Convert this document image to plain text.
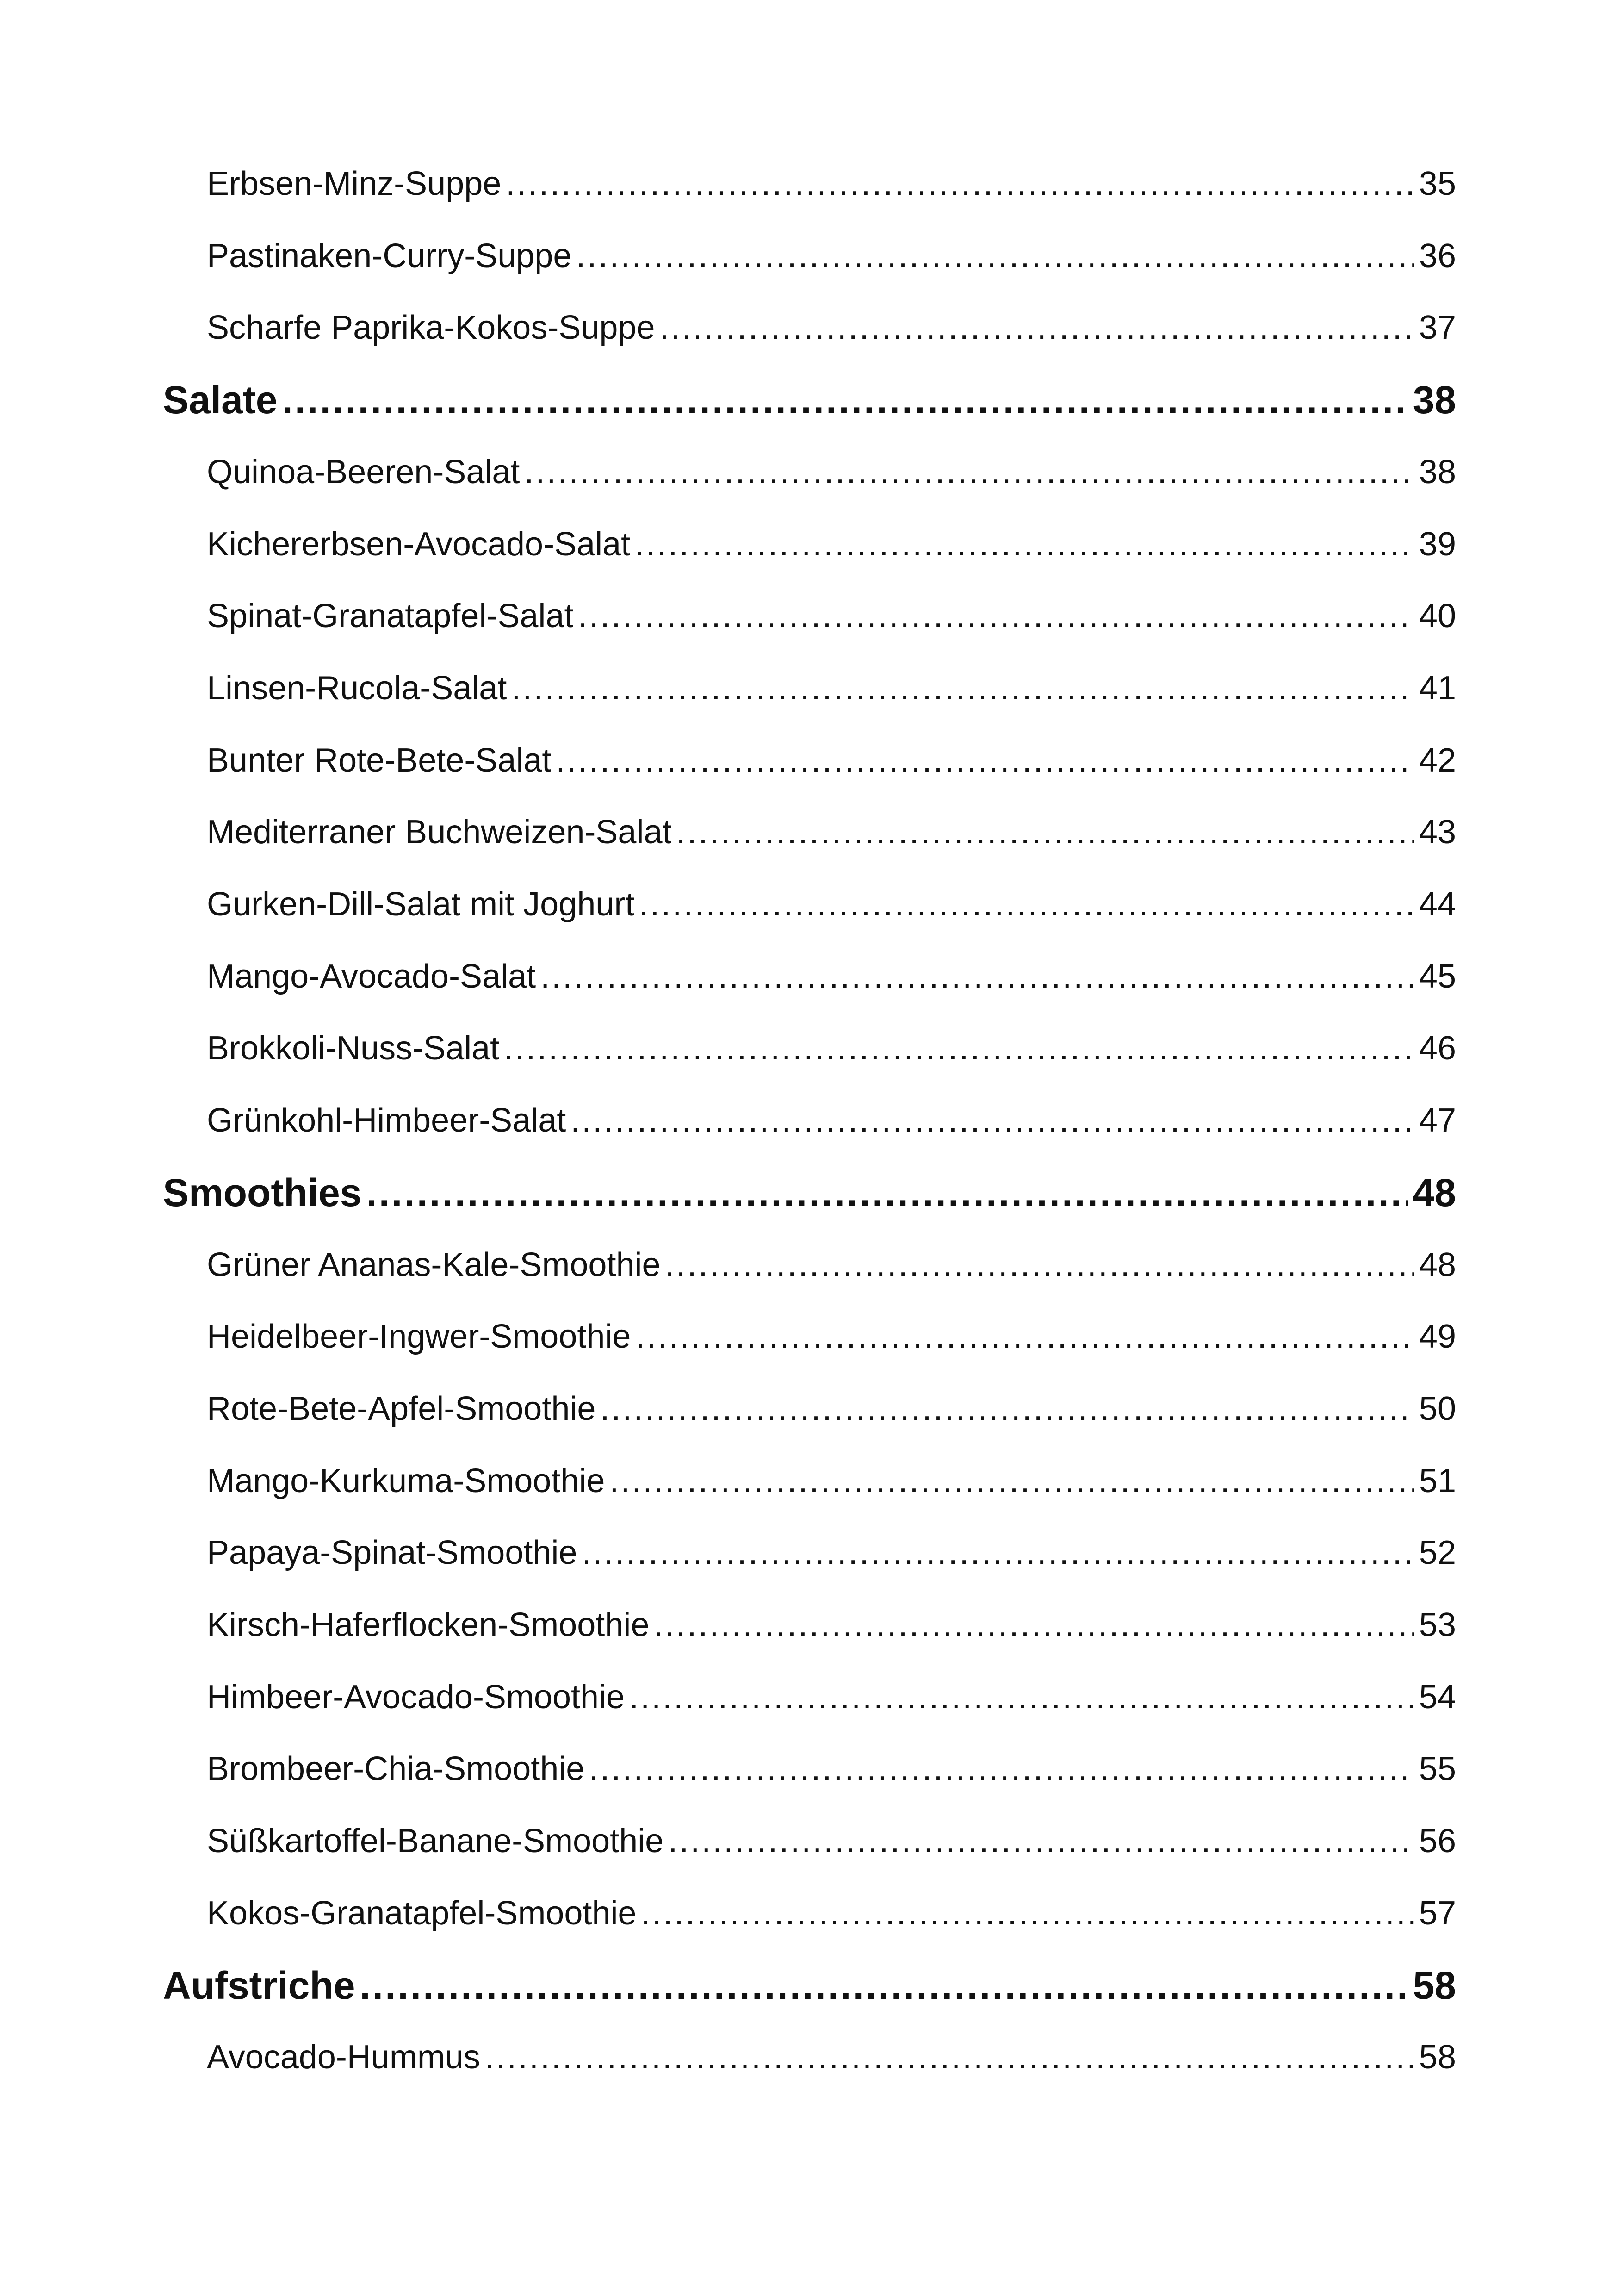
Erbsen-Minz-Suppe .....	35
Pastinaken-Curry-Suppe .....	36
Scharfe Paprika-Kokos-Suppe .....	37
Salate .....	38
Quinoa-Beeren-Salat .....	38
Kichererbsen-Avocado-Salat .....	39
Spinat-Granatapfel-Salat .....	40
Linsen-Rucola-Salat .....	41
Bunter Rote-Bete-Salat .....	42
Mediterraner Buchweizen-Salat .....	43
Gurken-Dill-Salat mit Joghurt .....	44
Mango-Avocado-Salat .....	45
Brokkoli-Nuss-Salat .....	46
Grünkohl-Himbeer-Salat .....	47
Smoothies .....	48
Grüner Ananas-Kale-Smoothie .....	48
Heidelbeer-Ingwer-Smoothie .....	49
Rote-Bete-Apfel-Smoothie .....	50
Mango-Kurkuma-Smoothie .....	51
Papaya-Spinat-Smoothie .....	52
Kirsch-Haferflocken-Smoothie .....	53
Himbeer-Avocado-Smoothie .....	54
Brombeer-Chia-Smoothie .....	55
Süßkartoffel-Banane-Smoothie .....	56
Kokos-Granatapfel-Smoothie .....	57
Aufstriche .....	58
Avocado-Hummus .....	58
